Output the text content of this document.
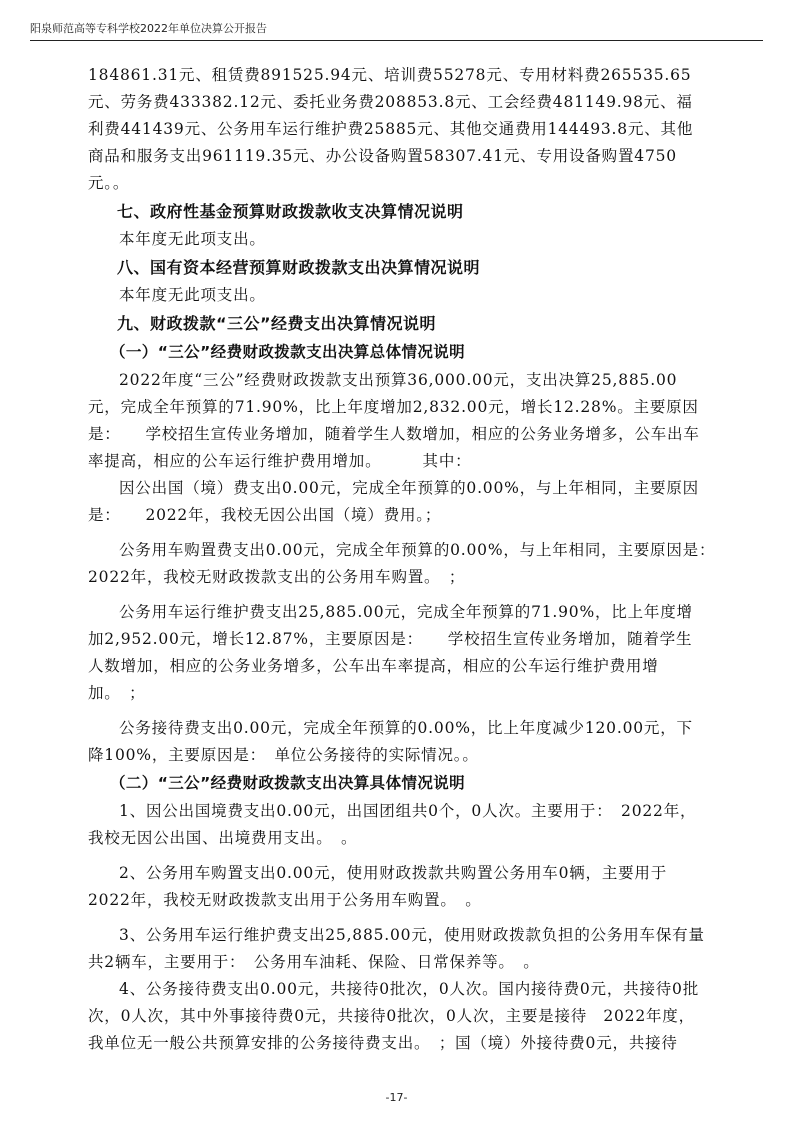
阳泉师范高等专科学校2022年单位决算公开报告

184861.31元、租赁费891525.94元、培训费55278元、专用材料费265535.65元、劳务费433382.12元、委托业务费208853.8元、工会经费481149.98元、福利费441439元、公务用车运行维护费25885元、其他交通费用144493.8元、其他商品和服务支出961119.35元、办公设备购置58307.41元、专用设备购置4750元。。

七、政府性基金预算财政拨款收支决算情况说明

本年度无此项支出。

八、国有资本经营预算财政拨款支出决算情况说明

本年度无此项支出。

九、财政拨款“三公”经费支出决算情况说明

（一）“三公”经费财政拨款支出决算总体情况说明

2022年度“三公”经费财政拨款支出预算36,000.00元，支出决算25,885.00元，完成全年预算的71.90%，比上年度增加2,832.00元，增长12.28%。主要原因是：　　学校招生宣传业务增加，随着学生人数增加，相应的公务业务增多，公车出车率提高，相应的公车运行维护费用增加。　　　其中：

因公出国（境）费支出0.00元，完成全年预算的0.00%，与上年相同，主要原因是：　　2022年，我校无因公出国（境）费用。；

公务用车购置费支出0.00元，完成全年预算的0.00%，与上年相同，主要原因是：　2022年，我校无财政拨款支出的公务用车购置。　；

公务用车运行维护费支出25,885.00元，完成全年预算的71.90%，比上年度增加2,952.00元，增长12.87%，主要原因是：　　学校招生宣传业务增加，随着学生人数增加，相应的公务业务增多，公车出车率提高，相应的公车运行维护费用增加。　；

公务接待费支出0.00元，完成全年预算的0.00%，比上年度减少120.00元，下降100%，主要原因是：　单位公务接待的实际情况。。

（二）“三公”经费财政拨款支出决算具体情况说明

1、因公出国境费支出0.00元，出国团组共0个，0人次。主要用于：　2022年，我校无因公出国、出境费用支出。　。

2、公务用车购置支出0.00元，使用财政拨款共购置公务用车0辆，主要用于　2022年，我校无财政拨款支出用于公务用车购置。　。

3、公务用车运行维护费支出25,885.00元，使用财政拨款负担的公务用车保有量共2辆车，主要用于：　公务用车油耗、保险、日常保养等。　。

4、公务接待费支出0.00元，共接待0批次，0人次。国内接待费0元，共接待0批次，0人次，其中外事接待费0元，共接待0批次，0人次，主要是接待　2022年度，我单位无一般公共预算安排的公务接待费支出。　；国（境）外接待费0元，共接待

-17-
